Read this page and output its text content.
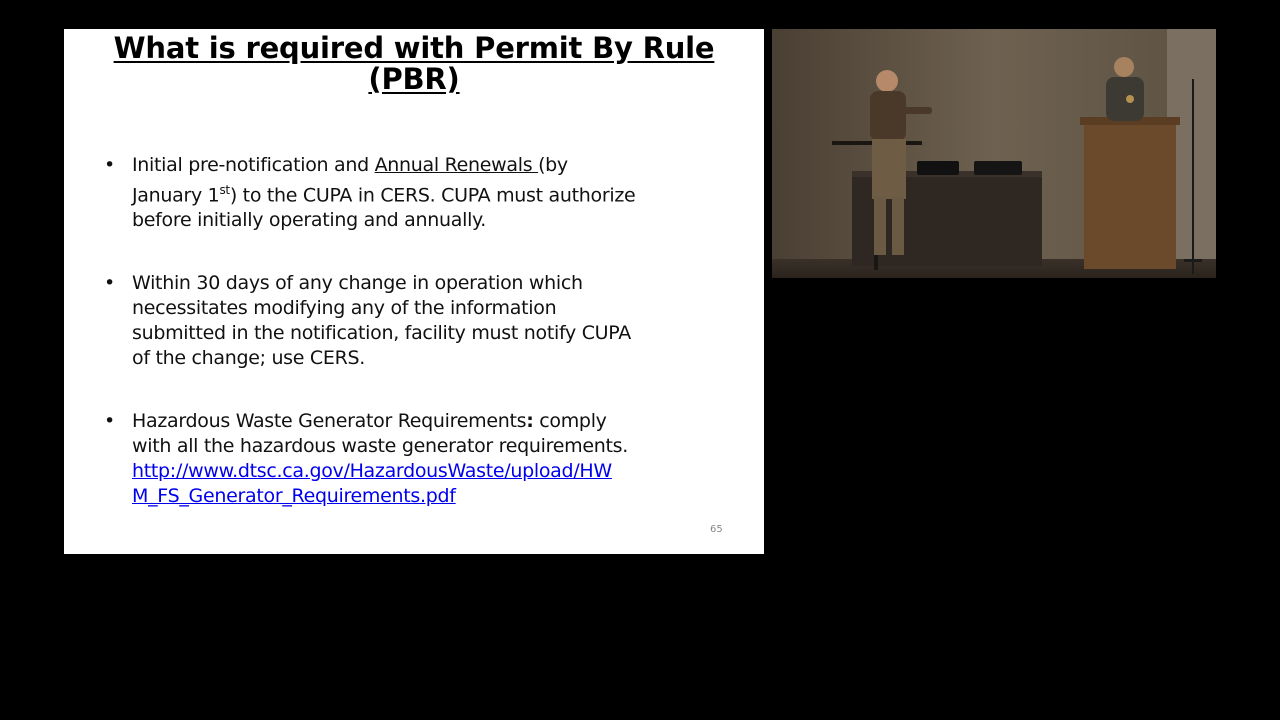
What is required with Permit By Rule
(PBR)
• Initial pre-notification and Annual Renewals (by
January 1st) to the CUPA in CERS. CUPA must authorize
before initially operating and annually.
• Within 30 days of any change in operation which
necessitates modifying any of the information
submitted in the notification, facility must notify CUPA
of the change; use CERS.
• Hazardous Waste Generator Requirements: comply
with all the hazardous waste generator requirements.
http://www.dtsc.ca.gov/HazardousWaste/upload/HW
M_FS_Generator_Requirements.pdf
65
